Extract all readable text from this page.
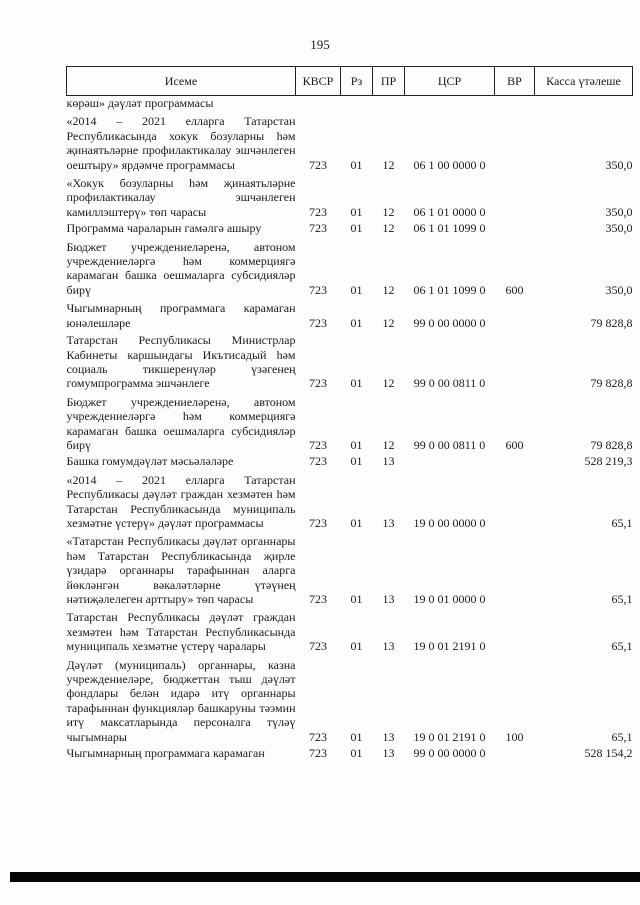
195
Исеме	КВСР	Рз	ПР	ЦСР	ВР	Касса үтәлеше
көрәш» дәүләт программасы						
«2014 – 2021 елларга Татарстан Республикасында хокук бозуларны һәм җинаятьләрне профилактикалау эшчәнлеген оештыру» ярдәмче программасы	723	01	12	06 1 00 0000 0		350,0
«Хокук бозуларны һәм җинаятьләрне профилактикалау эшчәнлеген камиллэштерү» төп чарасы	723	01	12	06 1 01 0000 0		350,0
Программа чараларын гамәлгә ашыру	723	01	12	06 1 01 1099 0		350,0
Бюджет учреждениеләренә, автоном учреждениеләргә һәм коммерциягә карамаган башка оешмаларга субсидияләр бирү	723	01	12	06 1 01 1099 0	600	350,0
Чыгымнарның программага карамаган юнәлешләре	723	01	12	99 0 00 0000 0		79 828,8
Татарстан Республикасы Министрлар Кабинеты каршындагы Икътисадый һәм социаль тикшеренүләр үзәгенең гомумпрограмма эшчәнлеге	723	01	12	99 0 00 0811 0		79 828,8
Бюджет учреждениеләренә, автоном учреждениеләргә һәм коммерциягә карамаган башка оешмаларга субсидияләр бирү	723	01	12	99 0 00 0811 0	600	79 828,8
Башка гомумдәүләт мәсьәләләре	723	01	13			528 219,3
«2014 – 2021 елларга Татарстан Республикасы дәүләт граждан хезмәтен һәм Татарстан Республикасында муниципаль хезмәтне үстерү» дәүләт программасы	723	01	13	19 0 00 0000 0		65,1
«Татарстан Республикасы дәүләт органнары һәм Татарстан Республикасында җирле үзидарә органнары тарафыннан аларга йөкләнгән вәкаләтләрне үтәүнең нәтиҗәлелеген арттыру» төп чарасы	723	01	13	19 0 01 0000 0		65,1
Татарстан Республикасы дәүләт граждан хезмәтен һәм Татарстан Республикасында муниципаль хезмәтне үстерү чаралары	723	01	13	19 0 01 2191 0		65,1
Дәүләт (муниципаль) органнары, казна учреждениеләре, бюджеттан тыш дәүләт фондлары белән идарә итү органнары тарафыннан функцияләр башкаруны тәэмин итү максатларында персоналга түләү чыгымнары	723	01	13	19 0 01 2191 0	100	65,1
Чыгымнарның программага карамаган	723	01	13	99 0 00 0000 0		528 154,2
